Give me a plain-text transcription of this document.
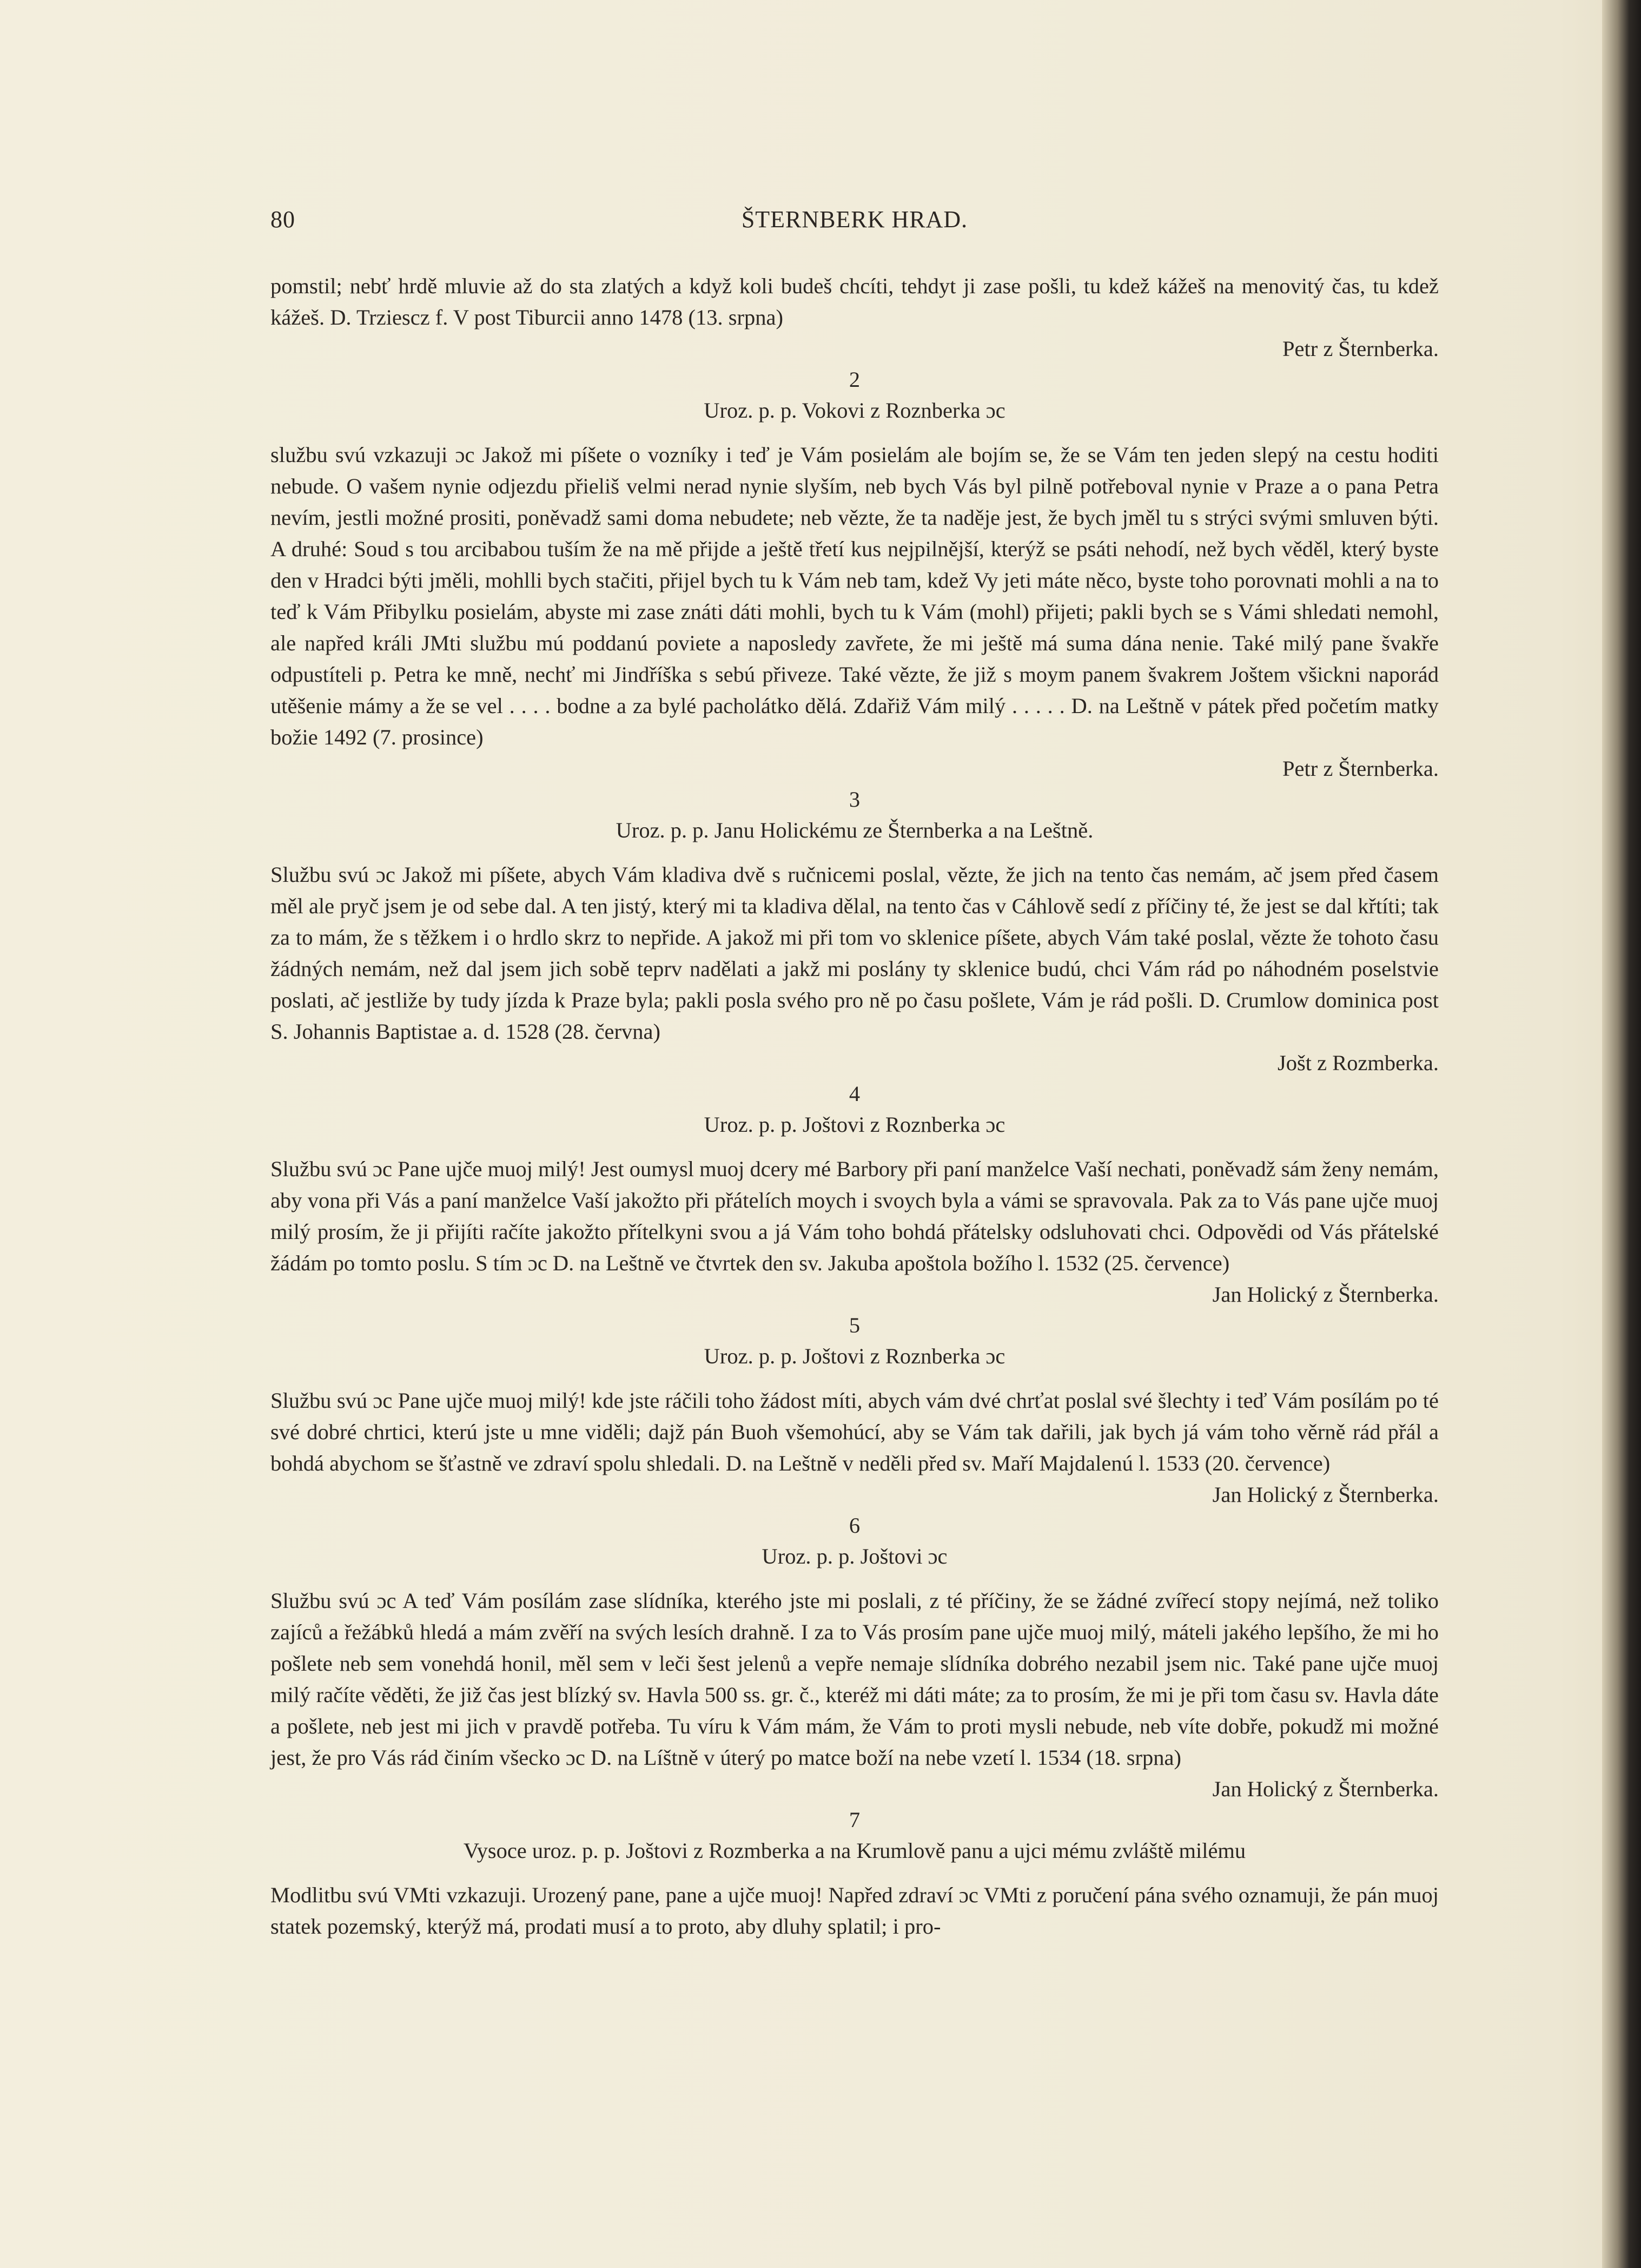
80	ŠTERNBERK HRAD.

pomstil; nebť hrdě mluvie až do sta zlatých a když koli budeš chcíti, tehdyt ji zase pošli, tu kdež kážeš na menovitý čas, tu kdež kážeš. D. Trziescz f. V post Tiburcii anno 1478 (13. srpna)

Petr z Šternberka.

2

Uroz. p. p. Vokovi z Roznberka ɔc

službu svú vzkazuji ɔc Jakož mi píšete o vozníky i teď je Vám posielám ale bojím se, že se Vám ten jeden slepý na cestu hoditi nebude. O vašem nynie odjezdu přieliš velmi nerad nynie slyším, neb bych Vás byl pilně potřeboval nynie v Praze a o pana Petra nevím, jestli možné prositi, poněvadž sami doma nebudete; neb vězte, že ta naděje jest, že bych jměl tu s strýci svými smluven býti. A druhé: Soud s tou arcibabou tuším že na mě přijde a ještě třetí kus nejpilnější, kterýž se psáti nehodí, než bych věděl, který byste den v Hradci býti jměli, mohlli bych stačiti, přijel bych tu k Vám neb tam, kdež Vy jeti máte něco, byste toho porovnati mohli a na to teď k Vám Přibylku posielám, abyste mi zase znáti dáti mohli, bych tu k Vám (mohl) přijeti; pakli bych se s Vámi shledati nemohl, ale napřed králi JMti službu mú poddanú poviete a naposledy zavřete, že mi ještě má suma dána nenie. Také milý pane švakře odpustíteli p. Petra ke mně, nechť mi Jindříška s sebú přiveze. Také vězte, že již s moym panem švakrem Joštem všickni naporád utěšenie mámy a že se vel . . . . bodne a za bylé pacholátko dělá. Zdařiž Vám milý . . . . . D. na Leštně v pátek před početím matky božie 1492 (7. prosince)

Petr z Šternberka.

3

Uroz. p. p. Janu Holickému ze Šternberka a na Leštně.

Službu svú ɔc Jakož mi píšete, abych Vám kladiva dvě s ručnicemi poslal, vězte, že jich na tento čas nemám, ač jsem před časem měl ale pryč jsem je od sebe dal. A ten jistý, který mi ta kladiva dělal, na tento čas v Cáhlově sedí z příčiny té, že jest se dal křtíti; tak za to mám, že s těžkem i o hrdlo skrz to nepřide. A jakož mi při tom vo sklenice píšete, abych Vám také poslal, vězte že tohoto času žádných nemám, než dal jsem jich sobě teprv nadělati a jakž mi poslány ty sklenice budú, chci Vám rád po náhodném poselstvie poslati, ač jestliže by tudy jízda k Praze byla; pakli posla svého pro ně po času pošlete, Vám je rád pošli. D. Crumlow dominica post S. Johannis Baptistae a. d. 1528 (28. června)

Jošt z Rozmberka.

4

Uroz. p. p. Joštovi z Roznberka ɔc

Službu svú ɔc Pane ujče muoj milý! Jest oumysl muoj dcery mé Barbory při paní manželce Vaší nechati, poněvadž sám ženy nemám, aby vona při Vás a paní manželce Vaší jakožto při přátelích moych i svoych byla a vámi se spravovala. Pak za to Vás pane ujče muoj milý prosím, že ji přijíti račíte jakožto přítelkyni svou a já Vám toho bohdá přátelsky odsluhovati chci. Odpovědi od Vás přátelské žádám po tomto poslu. S tím ɔc D. na Leštně ve čtvrtek den sv. Jakuba apoštola božího l. 1532 (25. července)

Jan Holický z Šternberka.

5

Uroz. p. p. Joštovi z Roznberka ɔc

Službu svú ɔc Pane ujče muoj milý! kde jste ráčili toho žádost míti, abych vám dvé chrťat poslal své šlechty i teď Vám posílám po té své dobré chrtici, kterú jste u mne viděli; dajž pán Buoh všemohúcí, aby se Vám tak dařili, jak bych já vám toho věrně rád přál a bohdá abychom se šťastně ve zdraví spolu shledali. D. na Leštně v neděli před sv. Maří Majdalenú l. 1533 (20. července)

Jan Holický z Šternberka.

6

Uroz. p. p. Joštovi ɔc

Službu svú ɔc A teď Vám posílám zase slídníka, kterého jste mi poslali, z té příčiny, že se žádné zvířecí stopy nejímá, než toliko zajíců a řežábků hledá a mám zvěří na svých lesích drahně. I za to Vás prosím pane ujče muoj milý, máteli jakého lepšího, že mi ho pošlete neb sem vonehdá honil, měl sem v leči šest jelenů a vepře nemaje slídníka dobrého nezabil jsem nic. Také pane ujče muoj milý račíte věděti, že již čas jest blízký sv. Havla 500 ss. gr. č., kteréž mi dáti máte; za to prosím, že mi je při tom času sv. Havla dáte a pošlete, neb jest mi jich v pravdě potřeba. Tu víru k Vám mám, že Vám to proti mysli nebude, neb víte dobře, pokudž mi možné jest, že pro Vás rád činím všecko ɔc D. na Líštně v úterý po matce boží na nebe vzetí l. 1534 (18. srpna)

Jan Holický z Šternberka.

7

Vysoce uroz. p. p. Joštovi z Rozmberka a na Krumlově panu a ujci mému zvláště milému

Modlitbu svú VMti vzkazuji. Urozený pane, pane a ujče muoj! Napřed zdraví ɔc VMti z poručení pána svého oznamuji, že pán muoj statek pozemský, kterýž má, prodati musí a to proto, aby dluhy splatil; i pro-
